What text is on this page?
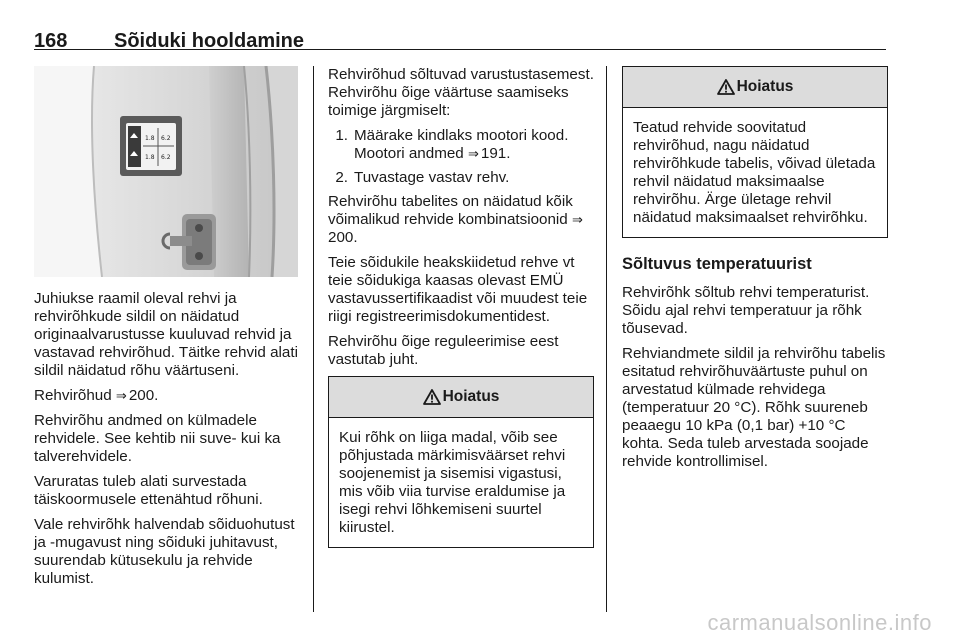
168 Sõiduki hooldamine
1.8 6.2
1.8 6.2

Juhiukse raamil oleval rehvi ja rehvirõhkude sildil on näidatud originaalvarustusse kuuluvad rehvid ja vastavad rehvirõhud. Täitke rehvid alati sildil näidatud rõhu väärtuseni.

Rehvirõhud ⇒ 200.

Rehvirõhu andmed on külmadele rehvidele. See kehtib nii suve- kui ka talverehvidele.

Varuratas tuleb alati survestada täiskoormusele ettenähtud rõhuni.

Vale rehvirõhk halvendab sõiduohutust ja -mugavust ning sõiduki juhitavust, suurendab kütusekulu ja rehvide kulumist.

Rehvirõhud sõltuvad varustustasemest. Rehvirõhu õige väärtuse saamiseks toimige järgmiselt:

1. Määrake kindlaks mootori kood. Mootori andmed ⇒ 191.
2. Tuvastage vastav rehv.

Rehvirõhu tabelites on näidatud kõik võimalikud rehvide kombinatsioonid ⇒200.

Teie sõidukile heakskiidetud rehve vt teie sõidukiga kaasas olevast EMÜ vastavussertifikaadist või muudest teie riigi registreerimisdokumentidest.

Rehvirõhu õige reguleerimise eest vastutab juht.

Hoiatus
Kui rõhk on liiga madal, võib see põhjustada märkimisväärset rehvi soojenemist ja sisemisi vigastusi, mis võib viia turvise eraldumise ja isegi rehvi lõhkemiseni suurtel kiirustel.
Hoiatus
Teatud rehvide soovitatud rehvirõhud, nagu näidatud rehvirõhkude tabelis, võivad ületada rehvil näidatud maksimaalse rehvirõhu. Ärge ületage rehvil näidatud maksimaalset rehvirõhku.
Sõltuvus temperatuurist

Rehvirõhk sõltub rehvi temperaturist. Sõidu ajal rehvi temperatuur ja rõhk tõusevad.

Rehviandmete sildil ja rehvirõhu tabelis esitatud rehvirõhuväärtuste puhul on arvestatud külmade rehvidega (temperatuur 20 °C). Rõhk suureneb peaaegu 10 kPa (0,1 bar) +10 °C kohta. Seda tuleb arvestada soojade rehvide kontrollimisel.

carmanualsonline.info
